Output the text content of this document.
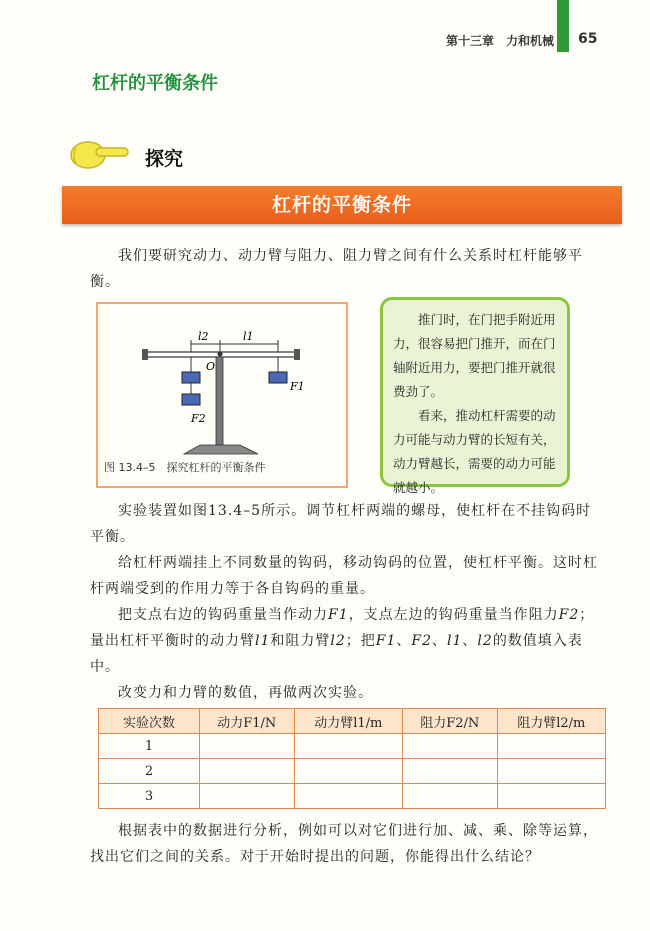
第十三章　力和机械 65
杠杆的平衡条件
探究
杠杆的平衡条件

我们要研究动力、动力臂与阻力、阻力臂之间有什么关系时杠杆能够平衡。

l2	l1
O
F2
F1
图 13.4–5　探究杠杆的平衡条件

推门时，在门把手附近用力，很容易把门推开，而在门轴附近用力，要把门推开就很费劲了。

看来，推动杠杆需要的动力可能与动力臂的长短有关，动力臂越长，需要的动力可能就越小。

实验装置如图13.4–5所示。调节杠杆两端的螺母，使杠杆在不挂钩码时平衡。

给杠杆两端挂上不同数量的钩码，移动钩码的位置，使杠杆平衡。这时杠杆两端受到的作用力等于各自钩码的重量。

把支点右边的钩码重量当作动力F1，支点左边的钩码重量当作阻力F2；量出杠杆平衡时的动力臂l1和阻力臂l2；把F1、F2、l1、l2的数值填入表中。

改变力和力臂的数值，再做两次实验。

实验次数	动力F1/N	动力臂l1/m	阻力F2/N	阻力臂l2/m
1				
2				
3				

根据表中的数据进行分析，例如可以对它们进行加、减、乘、除等运算，找出它们之间的关系。对于开始时提出的问题，你能得出什么结论？
